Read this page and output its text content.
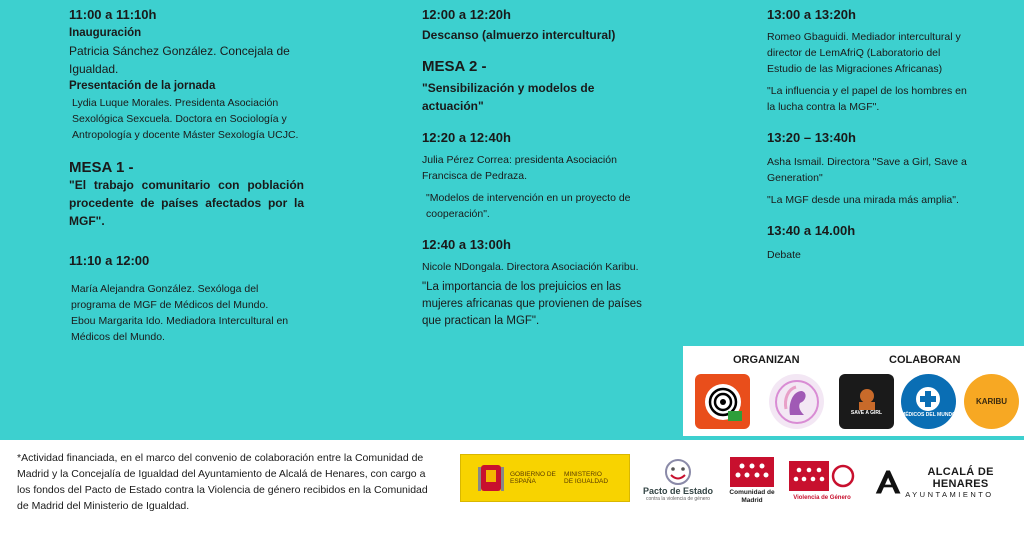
11:00 a 11:10h

Inauguración

Patricia Sánchez González. Concejala de Igualdad.

Presentación de la jornada

Lydia Luque Morales. Presidenta Asociación Sexológica Sexcuela. Doctora en Sociología y Antropología y docente Máster Sexología UCJC.

MESA 1 -

"El trabajo comunitario con población procedente de países afectados por la MGF".

11:10 a 12:00

María Alejandra González. Sexóloga del programa de MGF de Médicos del Mundo.

Ebou Margarita Ido. Mediadora Intercultural en Médicos del Mundo.

12:00 a 12:20h

Descanso (almuerzo intercultural)

MESA 2 -

"Sensibilización y modelos de actuación"

12:20 a 12:40h

Julia Pérez Correa: presidenta Asociación Francisca de Pedraza.

"Modelos de intervención en un proyecto de cooperación".

12:40 a 13:00h

Nicole NDongala. Directora Asociación Karibu.

"La importancia de los prejuicios en las mujeres africanas que provienen de países que practican la MGF".

13:00 a 13:20h

Romeo Gbaguidi. Mediador intercultural y director de LemAfriQ (Laboratorio del Estudio de las Migraciones Africanas)

"La influencia y el papel de los hombres en la lucha contra la MGF".

13:20 – 13:40h

Asha Ismail. Directora "Save a Girl, Save a Generation"

"La MGF desde una mirada más amplia".

13:40 a 14.00h

Debate

ORGANIZAN	COLABORAN
SAVE A GIRL	MÉDICOS DEL MUNDO
KARIBU
*Actividad financiada, en el marco del convenio de colaboración entre la Comunidad de Madrid y la Concejalía de Igualdad del Ayuntamiento de Alcalá de Henares, con cargo a los fondos del Pacto de Estado contra la Violencia de género recibidos en la Comunidad de Madrid del Ministerio de Igualdad.
GOBIERNO DE ESPAÑA
MINISTERIO DE IGUALDAD
Pacto de Estado
contra la violencia de género
Comunidad de Madrid	Violencia de Género
ALCALÁ DE HENARES
AYUNTAMIENTO
